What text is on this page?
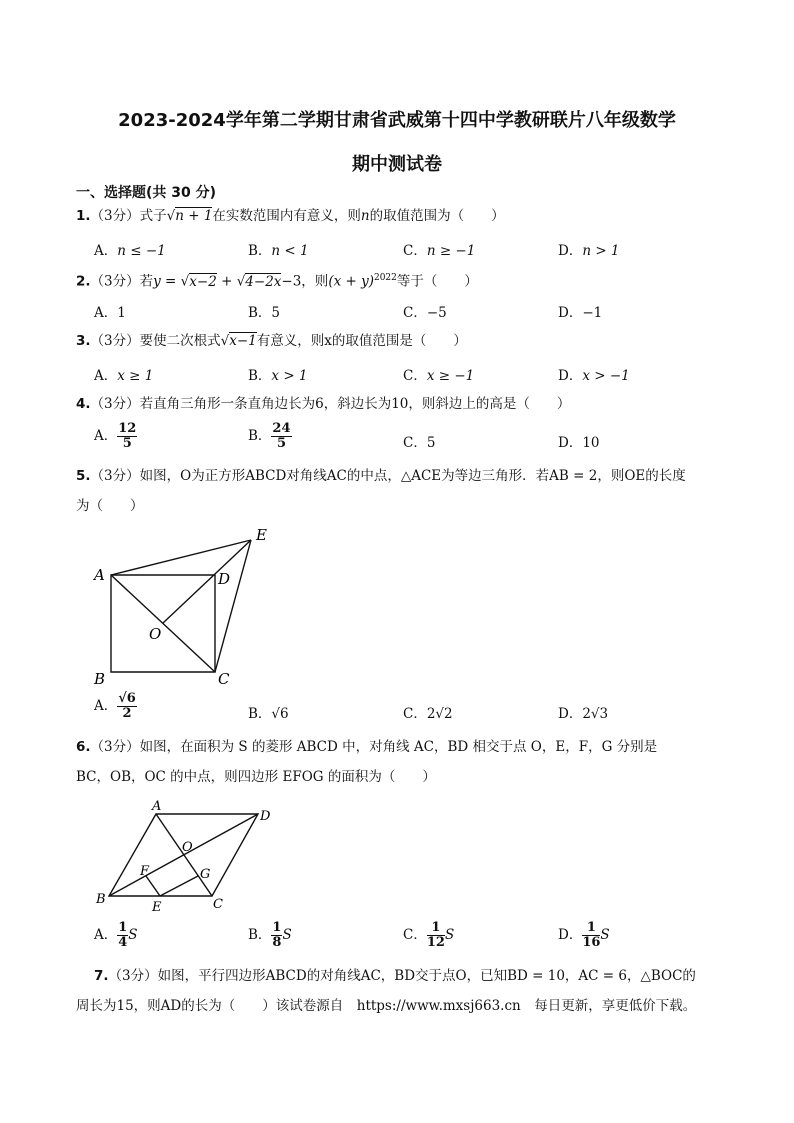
2023-2024学年第二学期甘肃省武威第十四中学教研联片八年级数学
期中测试卷
一、选择题(共 30 分)
1.（3分）式子√n + 1在实数范围内有意义，则n的取值范围为（　　）
A．n ≤ −1	B．n < 1	C．n ≥ −1	D．n > 1
2.（3分）若y = √x−2 + √4−2x−3，则$(x + y)^{2022}$等于（　　）
A．1	B．5	C．−5	D．−1
3.（3分）要使二次根式√x−1有意义，则x的取值范围是（　　）
A．x ≥ 1	B．x > 1	C．x ≥ −1	D．x > −1
4.（3分）若直角三角形一条直角边长为6，斜边长为10，则斜边上的高是（　　）
A． $\frac{12}{5}$	B． $\frac{24}{5}$	C．5	D．10
5.（3分）如图，O为正方形ABCD对角线AC的中点，△ACE为等边三角形．若AB = 2，则OE的长度
为（　　）
A
B	C
D
E
O
A． $\frac{√6}{2}$	B．√6	C．2√2	D．2√3
6.（3分）如图，在面积为 S 的菱形 ABCD 中，对角线 AC，BD 相交于点 O，E，F，G 分别是
BC，OB，OC 的中点，则四边形 EFOG 的面积为（　　）
A
B	C
D
E
F	G
O
A． $\frac{1}{4}$ S	B． $\frac{1}{8}$ S	C． $\frac{1}{12}$ S	D． $\frac{1}{16}$ S
7.（3分）如图，平行四边形ABCD的对角线AC，BD交于点O，已知BD = 10，AC = 6，△BOC的
周长为15，则AD的长为（　　）该试卷源自　https://www.mxsj663.cn　每日更新，享更低价下载。
